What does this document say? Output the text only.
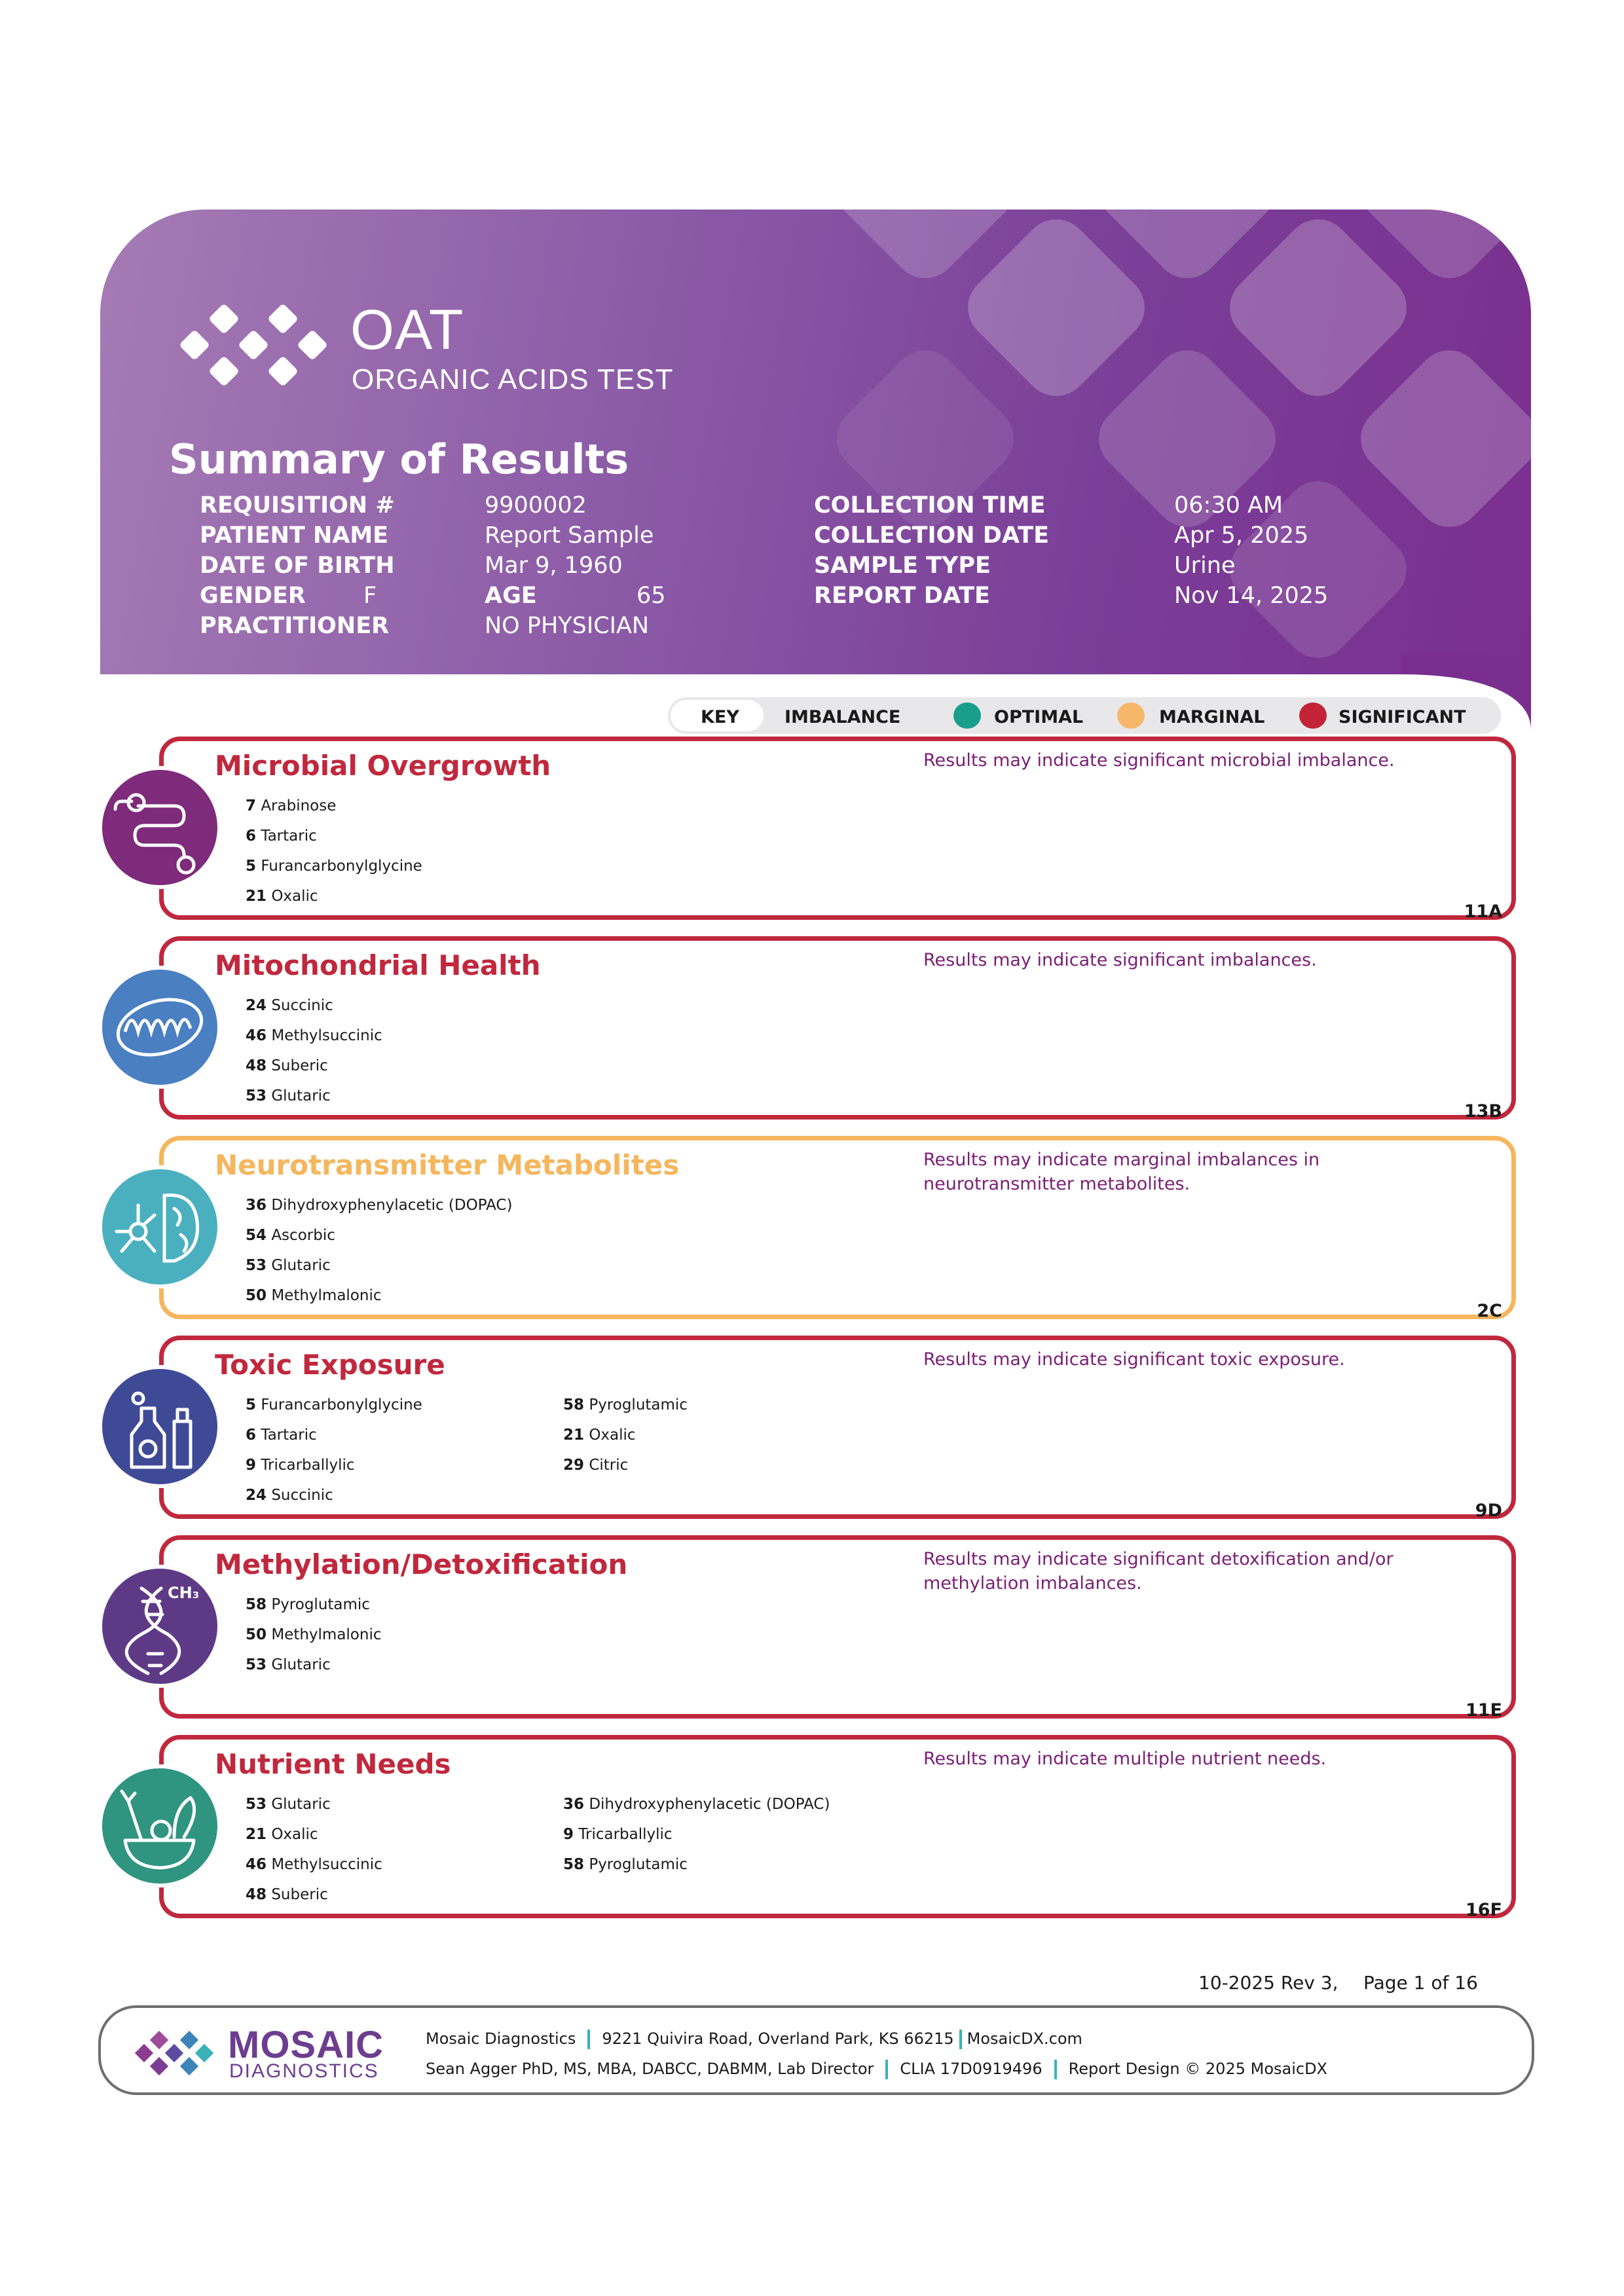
OAT
ORGANIC ACIDS TEST
Summary of Results
REQUISITION #	9900002
PATIENT NAME	Report Sample
DATE OF BIRTH	Mar 9, 1960
GENDER	F	AGE	65
PRACTITIONER	NO PHYSICIAN
COLLECTION TIME	06:30 AM
COLLECTION DATE	Apr 5, 2025
SAMPLE TYPE	Urine
REPORT DATE	Nov 14, 2025
KEY	IMBALANCE	OPTIMAL	MARGINAL	SIGNIFICANT
Microbial Overgrowth	Results may indicate significant microbial imbalance.
11A
7 Arabinose
6 Tartaric
5 Furancarbonylglycine
21 Oxalic
Mitochondrial Health	Results may indicate significant imbalances.
13B
24 Succinic
46 Methylsuccinic
48 Suberic
53 Glutaric
Neurotransmitter Metabolites	Results may indicate marginal imbalances in neurotransmitter metabolites.
2C
36 Dihydroxyphenylacetic (DOPAC)
54 Ascorbic
53 Glutaric
50 Methylmalonic
Toxic Exposure	Results may indicate significant toxic exposure.
9D
5 Furancarbonylglycine
6 Tartaric
9 Tricarballylic
24 Succinic
58 Pyroglutamic
21 Oxalic
29 Citric
CH₃
Methylation/Detoxification	Results may indicate significant detoxification and/or methylation imbalances.
11E
58 Pyroglutamic
50 Methylmalonic
53 Glutaric
Nutrient Needs	Results may indicate multiple nutrient needs.
16F
53 Glutaric
21 Oxalic
46 Methylsuccinic
48 Suberic
36 Dihydroxyphenylacetic (DOPAC)
9 Tricarballylic
58 Pyroglutamic
10-2025 Rev 3, Page 1 of 16
MOSAIC
DIAGNOSTICS
Mosaic Diagnostics 9221 Quivira Road, Overland Park, KS 66215 MosaicDX.com
Sean Agger PhD, MS, MBA, DABCC, DABMM, Lab Director CLIA 17D0919496 Report Design © 2025 MosaicDX
